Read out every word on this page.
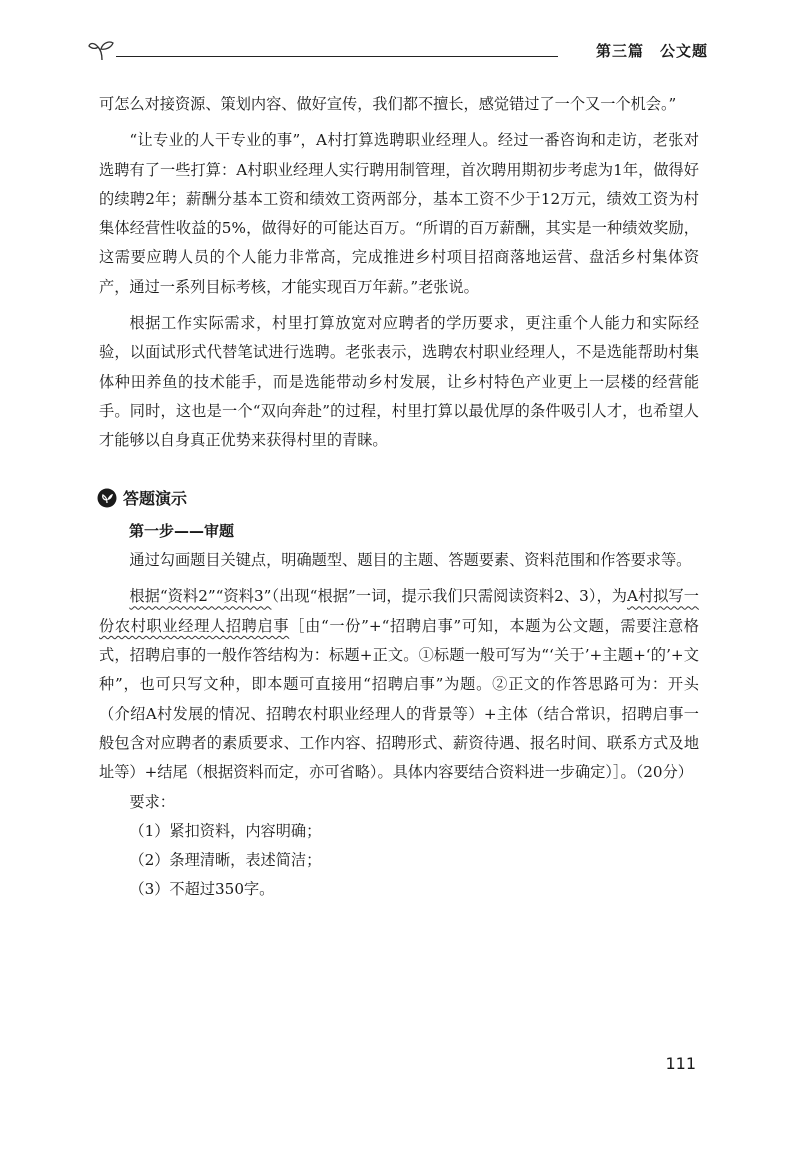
第三篇　公文题

可怎么对接资源、策划内容、做好宣传，我们都不擅长，感觉错过了一个又一个机会。”

“让专业的人干专业的事”，A村打算选聘职业经理人。经过一番咨询和走访，老张对选聘有了一些打算：A村职业经理人实行聘用制管理，首次聘用期初步考虑为1年，做得好的续聘2年；薪酬分基本工资和绩效工资两部分，基本工资不少于12万元，绩效工资为村集体经营性收益的5%，做得好的可能达百万。“所谓的百万薪酬，其实是一种绩效奖励，这需要应聘人员的个人能力非常高，完成推进乡村项目招商落地运营、盘活乡村集体资产，通过一系列目标考核，才能实现百万年薪。”老张说。

根据工作实际需求，村里打算放宽对应聘者的学历要求，更注重个人能力和实际经验，以面试形式代替笔试进行选聘。老张表示，选聘农村职业经理人，不是选能帮助村集体种田养鱼的技术能手，而是选能带动乡村发展，让乡村特色产业更上一层楼的经营能手。同时，这也是一个“双向奔赴”的过程，村里打算以最优厚的条件吸引人才，也希望人才能够以自身真正优势来获得村里的青睐。

答题演示

第一步——审题

通过勾画题目关键点，明确题型、题目的主题、答题要素、资料范围和作答要求等。

根据“资料2”“资料3”（出现“根据”一词，提示我们只需阅读资料2、3），为A村拟写一份农村职业经理人招聘启事［由“一份”+“招聘启事”可知，本题为公文题，需要注意格式，招聘启事的一般作答结构为：标题+正文。①标题一般可写为“‘关于’+主题+‘的’+文种”，也可只写文种，即本题可直接用“招聘启事”为题。②正文的作答思路可为：开头（介绍A村发展的情况、招聘农村职业经理人的背景等）+主体（结合常识，招聘启事一般包含对应聘者的素质要求、工作内容、招聘形式、薪资待遇、报名时间、联系方式及地址等）+结尾（根据资料而定，亦可省略）。具体内容要结合资料进一步确定）］。（20分）

要求：

（1）紧扣资料，内容明确；

（2）条理清晰，表述简洁；

（3）不超过350字。

111
